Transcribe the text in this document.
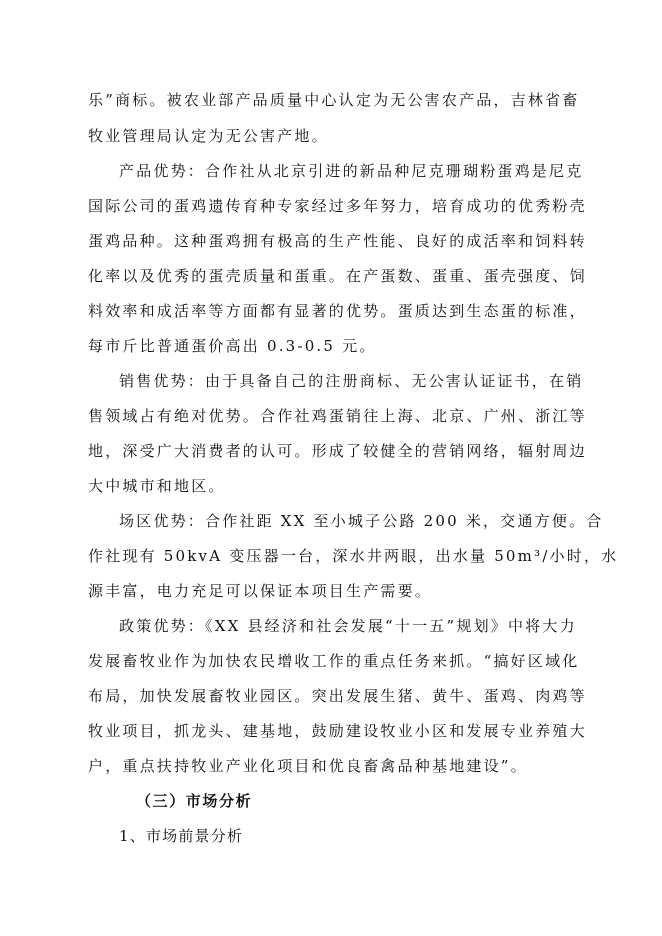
乐”商标。被农业部产品质量中心认定为无公害农产品，吉林省畜
牧业管理局认定为无公害产地。
产品优势：合作社从北京引进的新品种尼克珊瑚粉蛋鸡是尼克
国际公司的蛋鸡遗传育种专家经过多年努力，培育成功的优秀粉壳
蛋鸡品种。这种蛋鸡拥有极高的生产性能、良好的成活率和饲料转
化率以及优秀的蛋壳质量和蛋重。在产蛋数、蛋重、蛋壳强度、饲
料效率和成活率等方面都有显著的优势。蛋质达到生态蛋的标准，
每市斤比普通蛋价高出 0.3-0.5 元。
销售优势：由于具备自己的注册商标、无公害认证证书，在销
售领域占有绝对优势。合作社鸡蛋销往上海、北京、广州、浙江等
地，深受广大消费者的认可。形成了较健全的营销网络，辐射周边
大中城市和地区。
场区优势：合作社距 XX 至小城子公路 200 米，交通方便。合
作社现有 50kvA 变压器一台，深水井两眼，出水量 50m³/小时，水
源丰富，电力充足可以保证本项目生产需要。
政策优势：《XX 县经济和社会发展“十一五”规划》中将大力
发展畜牧业作为加快农民增收工作的重点任务来抓。“搞好区域化
布局，加快发展畜牧业园区。突出发展生猪、黄牛、蛋鸡、肉鸡等
牧业项目，抓龙头、建基地，鼓励建设牧业小区和发展专业养殖大
户，重点扶持牧业产业化项目和优良畜禽品种基地建设”。
（三）市场分析
1、市场前景分析
